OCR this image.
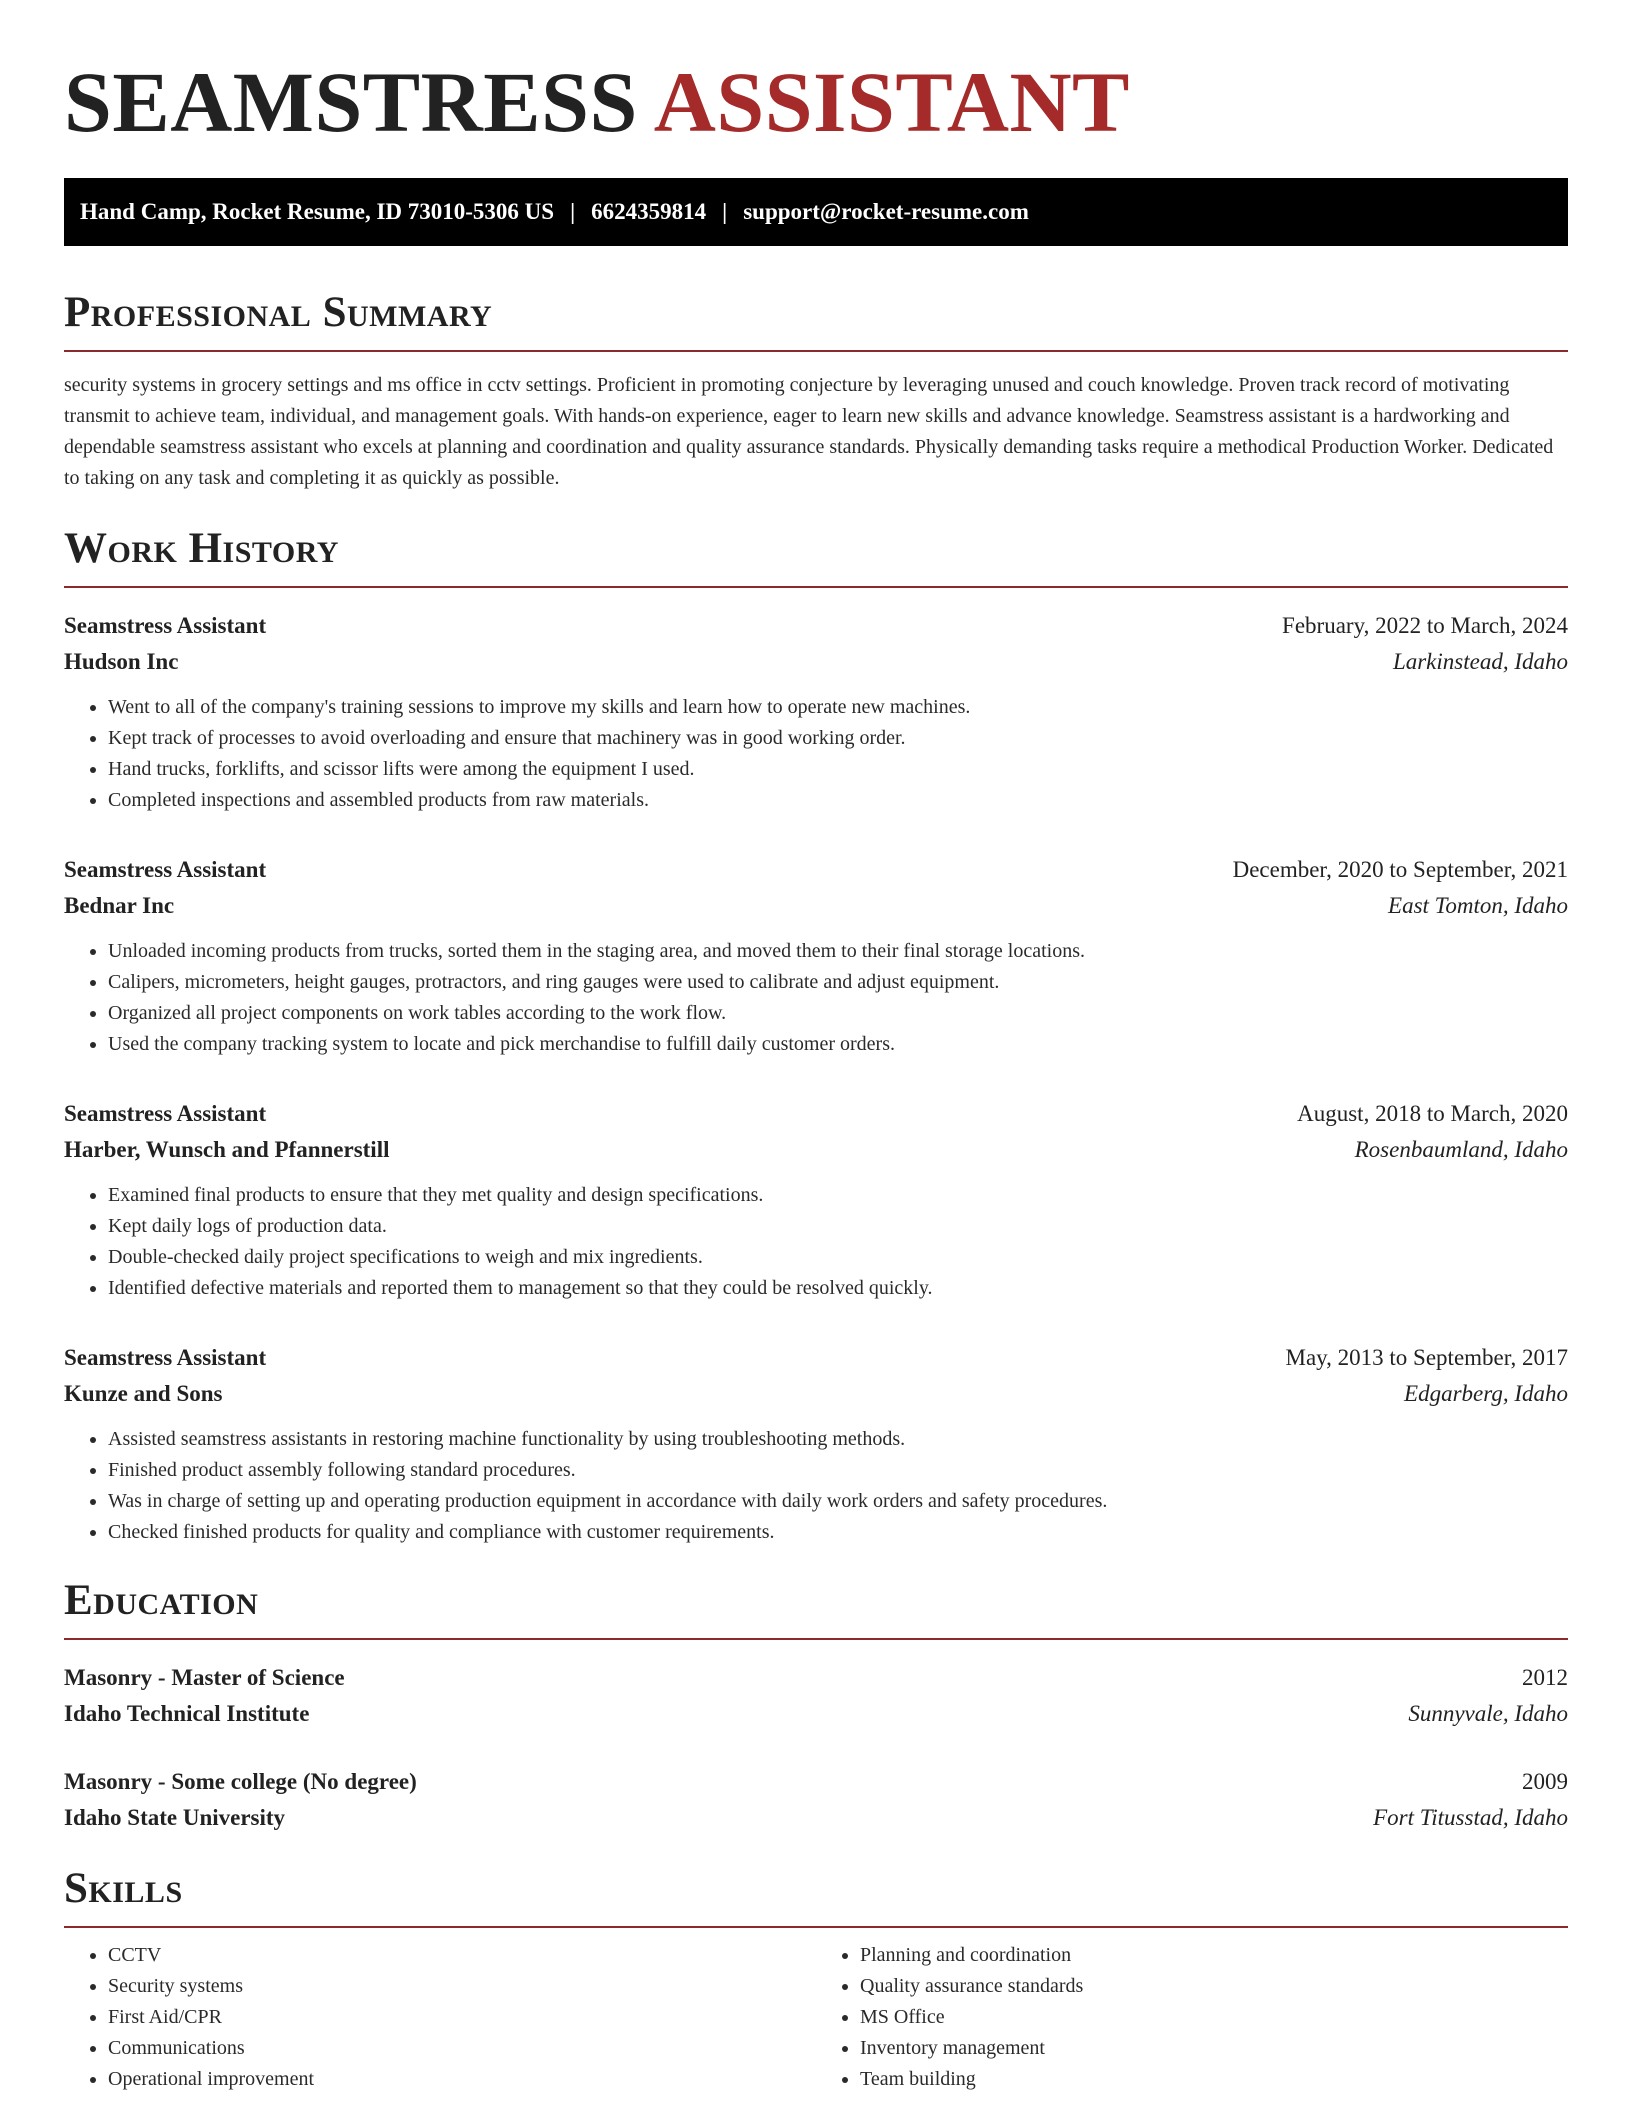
SEAMSTRESS ASSISTANT
Hand Camp, Rocket Resume, ID 73010-5306 US | 6624359814 | support@rocket-resume.com
Professional Summary

security systems in grocery settings and ms office in cctv settings. Proficient in promoting conjecture by leveraging unused and couch knowledge. Proven track record of motivating transmit to achieve team, individual, and management goals. With hands-on experience, eager to learn new skills and advance knowledge. Seamstress assistant is a hardworking and dependable seamstress assistant who excels at planning and coordination and quality assurance standards. Physically demanding tasks require a methodical Production Worker. Dedicated to taking on any task and completing it as quickly as possible.

Work History
Seamstress Assistant	February, 2022 to March, 2024
Hudson Inc	Larkinstead, Idaho
• Went to all of the company's training sessions to improve my skills and learn how to operate new machines.
• Kept track of processes to avoid overloading and ensure that machinery was in good working order.
• Hand trucks, forklifts, and scissor lifts were among the equipment I used.
• Completed inspections and assembled products from raw materials.
Seamstress Assistant	December, 2020 to September, 2021
Bednar Inc	East Tomton, Idaho
• Unloaded incoming products from trucks, sorted them in the staging area, and moved them to their final storage locations.
• Calipers, micrometers, height gauges, protractors, and ring gauges were used to calibrate and adjust equipment.
• Organized all project components on work tables according to the work flow.
• Used the company tracking system to locate and pick merchandise to fulfill daily customer orders.
Seamstress Assistant	August, 2018 to March, 2020
Harber, Wunsch and Pfannerstill	Rosenbaumland, Idaho
• Examined final products to ensure that they met quality and design specifications.
• Kept daily logs of production data.
• Double-checked daily project specifications to weigh and mix ingredients.
• Identified defective materials and reported them to management so that they could be resolved quickly.
Seamstress Assistant	May, 2013 to September, 2017
Kunze and Sons	Edgarberg, Idaho
• Assisted seamstress assistants in restoring machine functionality by using troubleshooting methods.
• Finished product assembly following standard procedures.
• Was in charge of setting up and operating production equipment in accordance with daily work orders and safety procedures.
• Checked finished products for quality and compliance with customer requirements.
Education
Masonry - Master of Science	2012
Idaho Technical Institute	Sunnyvale, Idaho
Masonry - Some college (No degree)	2009
Idaho State University	Fort Titusstad, Idaho
Skills
• CCTV
• Security systems
• First Aid/CPR
• Communications
• Operational improvement
• Planning and coordination
• Quality assurance standards
• MS Office
• Inventory management
• Team building
